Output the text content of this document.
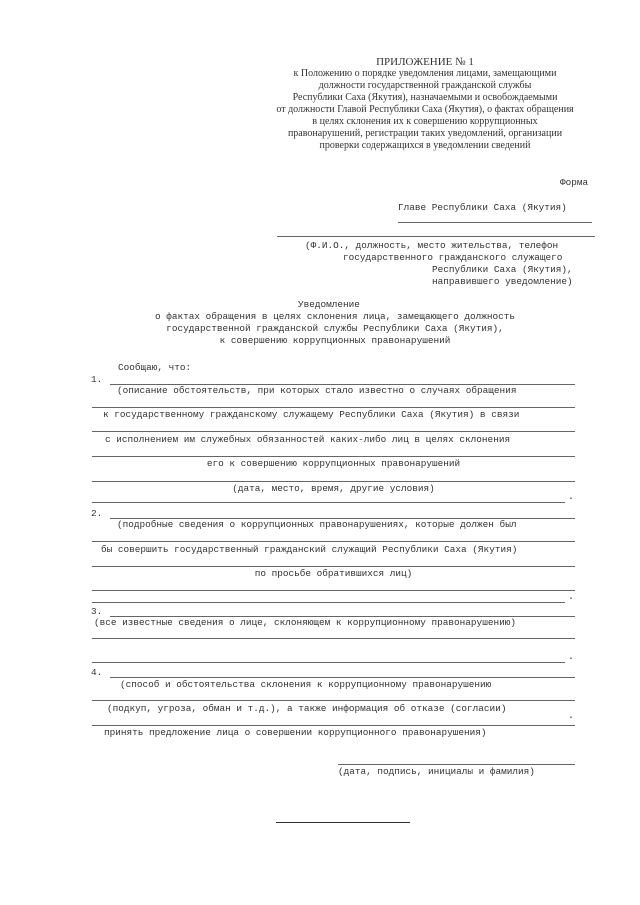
ПРИЛОЖЕНИЕ № 1
к Положению о порядке уведомления лицами, замещающими
должности государственной гражданской службы
Республики Саха (Якутия), назначаемыми и освобождаемыми
от должности Главой Республики Саха (Якутия), о фактах обращения
в целях склонения их к совершению коррупционных
правонарушений, регистрации таких уведомлений, организации
проверки содержащихся в уведомлении сведений
Форма
Главе Республики Саха (Якутия)
(Ф.И.О., должность, место жительства, телефон
государственного гражданского служащего
Республики Саха (Якутия),
направившего уведомление)
Уведомление
о фактах обращения в целях склонения лица, замещающего должность
государственной гражданской службы Республики Саха (Якутия),
к совершению коррупционных правонарушений
Сообщаю, что:
1.
(описание обстоятельств, при которых стало известно о случаях обращения
к государственному гражданскому служащему Республики Саха (Якутия) в связи
с исполнением им служебных обязанностей каких-либо лиц в целях склонения
его к совершению коррупционных правонарушений
(дата, место, время, другие условия)
.
2.
(подробные сведения о коррупционных правонарушениях, которые должен был
бы совершить государственный гражданский служащий Республики Саха (Якутия)
по просьбе обратившихся лиц)
.
3.
(все известные сведения о лице, склоняющем к коррупционному правонарушению)
.
4.
(способ и обстоятельства склонения к коррупционному правонарушению
(подкуп, угроза, обман и т.д.), а также информация об отказе (согласии)
.
принять предложение лица о совершении коррупционного правонарушения)
(дата, подпись, инициалы и фамилия)
